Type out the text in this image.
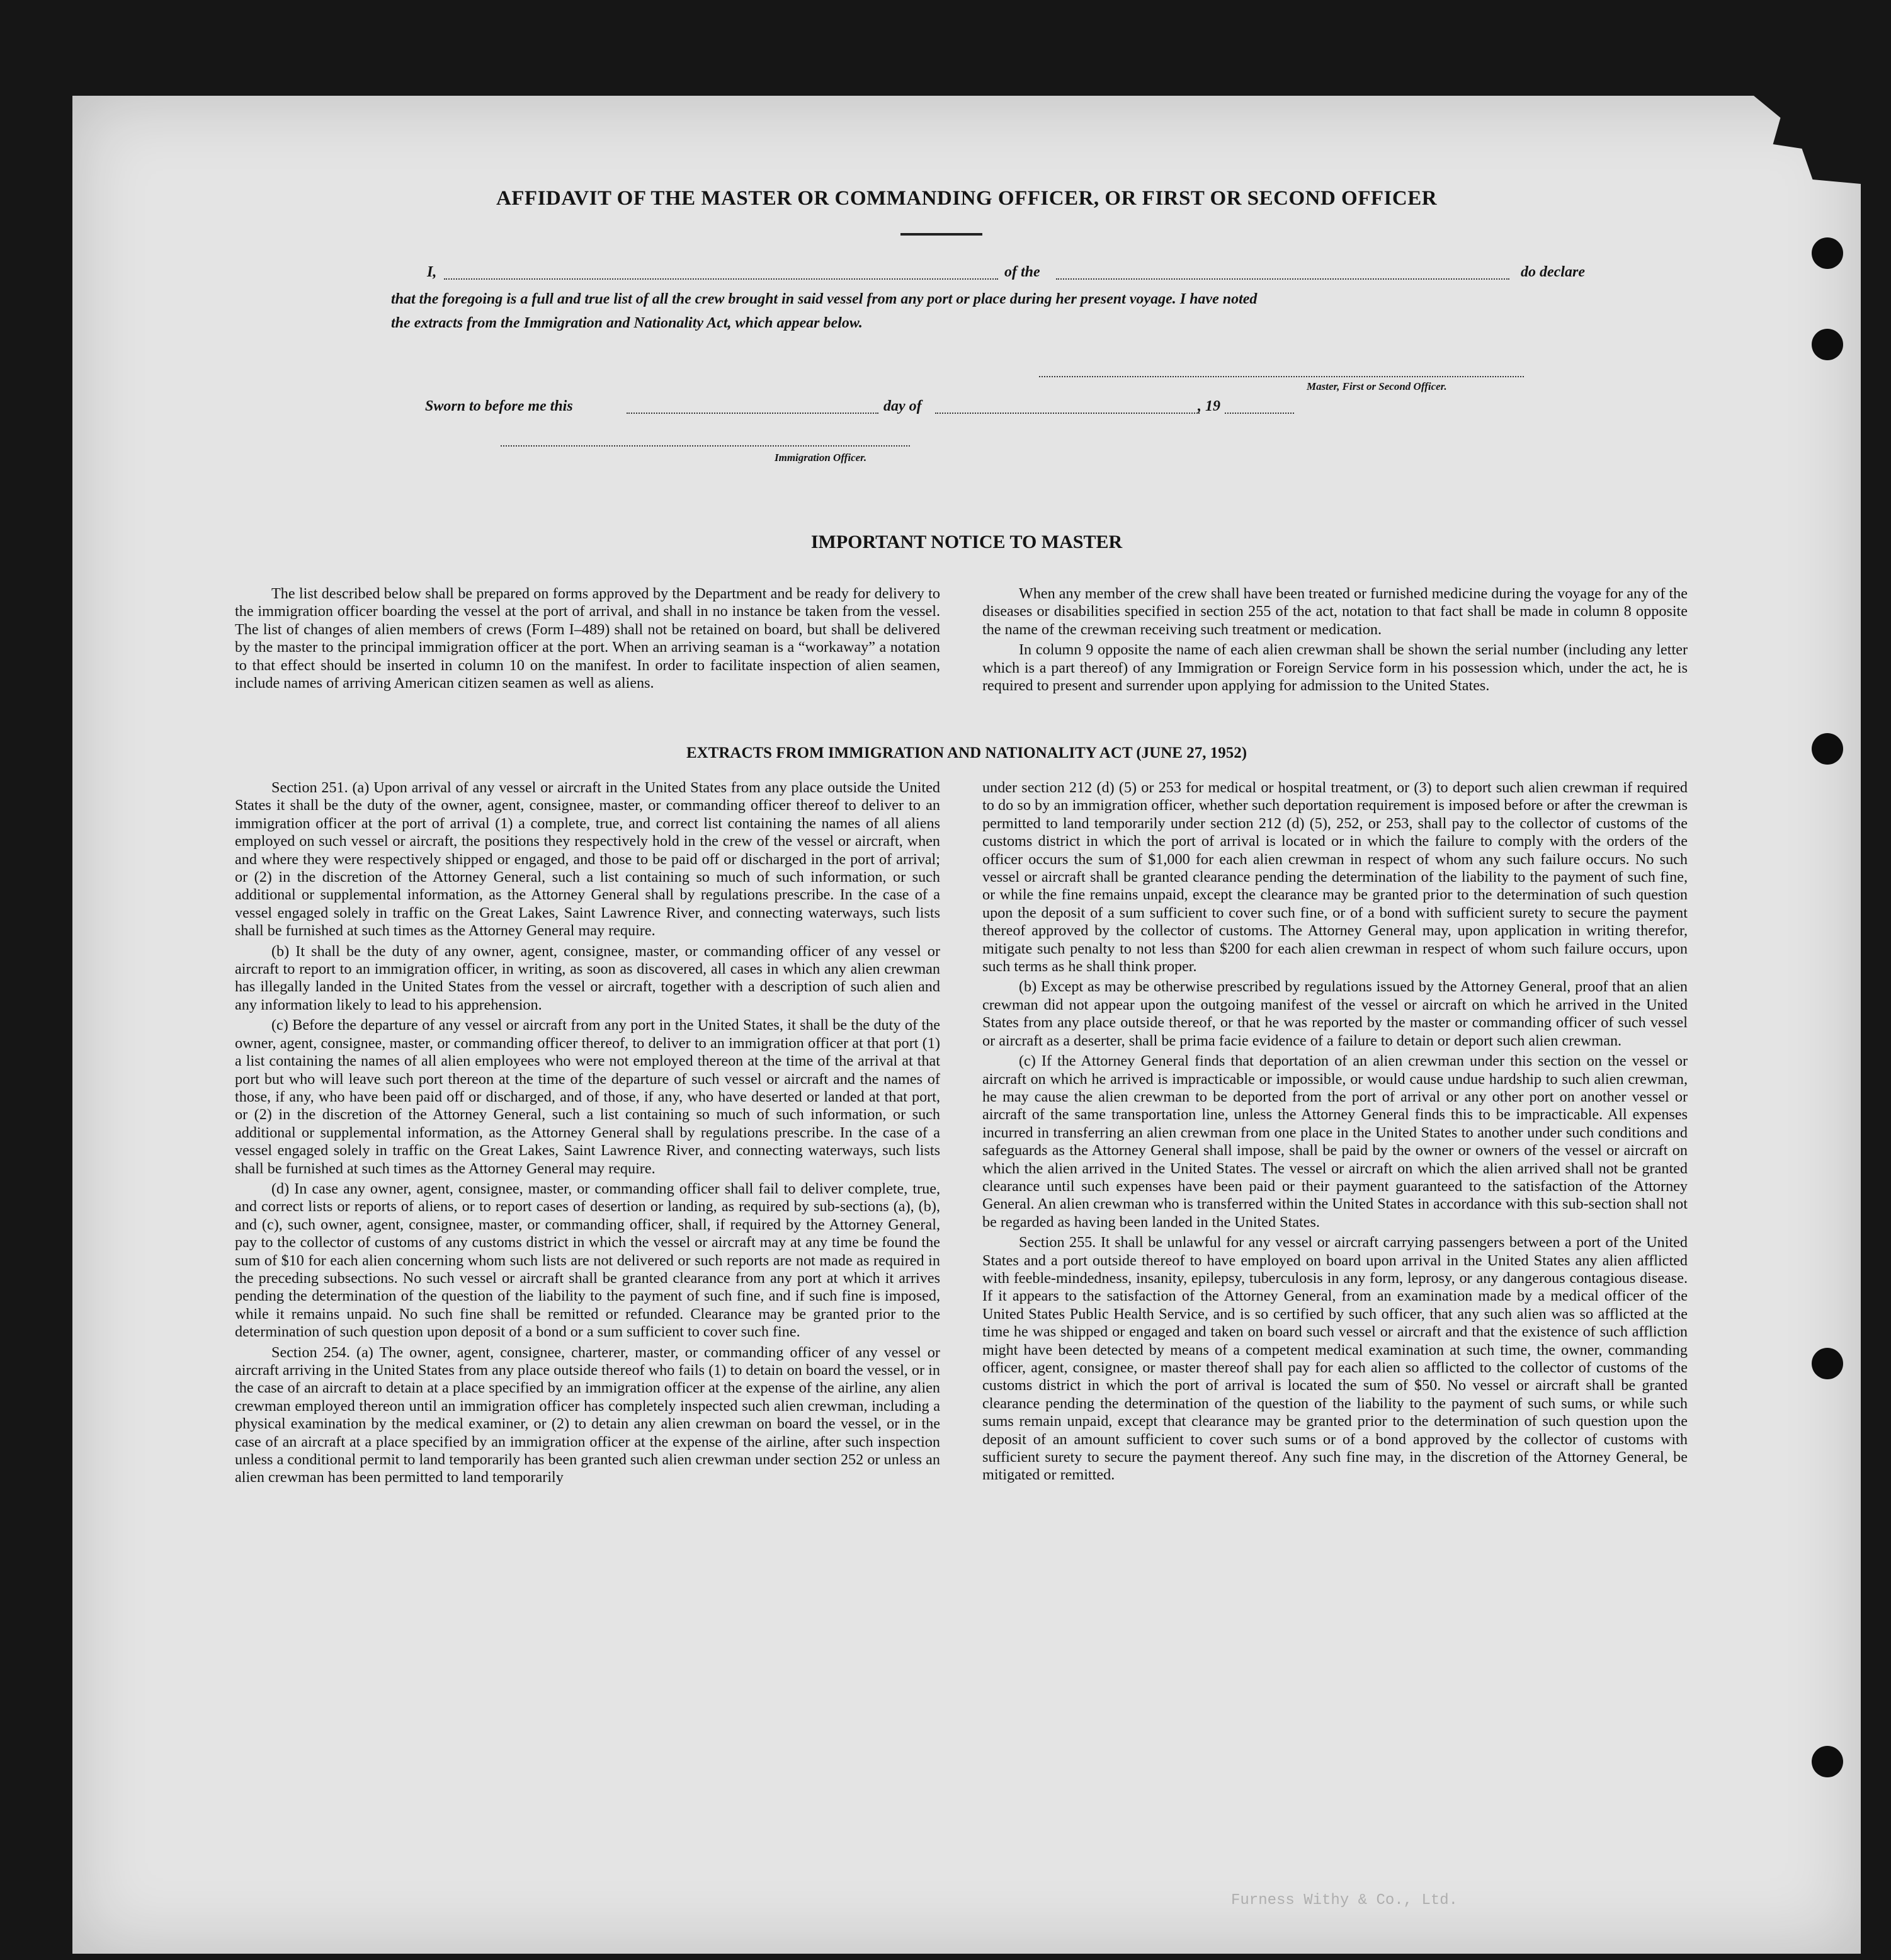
AFFIDAVIT OF THE MASTER OR COMMANDING OFFICER, OR FIRST OR SECOND OFFICER
I,	of the	do declare
that the foregoing is a full and true list of all the crew brought in said vessel from any port or place during her present voyage. I have noted
the extracts from the Immigration and Nationality Act, which appear below.
Master, First or Second Officer.
Sworn to before me this	day of	, 19
Immigration Officer.
IMPORTANT NOTICE TO MASTER

The list described below shall be prepared on forms approved by the Department and be ready for delivery to the immigration officer boarding the vessel at the port of arrival, and shall in no instance be taken from the vessel. The list of changes of alien members of crews (Form I–489) shall not be retained on board, but shall be delivered by the master to the principal immigration officer at the port. When an arriving seaman is a “workaway” a notation to that effect should be inserted in column 10 on the manifest. In order to facilitate inspection of alien seamen, include names of arriving American citizen seamen as well as aliens.

When any member of the crew shall have been treated or furnished medicine during the voyage for any of the diseases or disabilities specified in section 255 of the act, notation to that fact shall be made in column 8 opposite the name of the crewman receiving such treatment or medication.

In column 9 opposite the name of each alien crewman shall be shown the serial number (including any letter which is a part thereof) of any Immigration or Foreign Service form in his possession which, under the act, he is required to present and surrender upon applying for admission to the United States.

EXTRACTS FROM IMMIGRATION AND NATIONALITY ACT (JUNE 27, 1952)

Section 251. (a) Upon arrival of any vessel or aircraft in the United States from any place outside the United States it shall be the duty of the owner, agent, consignee, master, or commanding officer thereof to deliver to an immigration officer at the port of arrival (1) a complete, true, and correct list containing the names of all aliens employed on such vessel or aircraft, the positions they respectively hold in the crew of the vessel or aircraft, when and where they were respectively shipped or engaged, and those to be paid off or discharged in the port of arrival; or (2) in the discretion of the Attorney General, such a list containing so much of such information, or such additional or supplemental information, as the Attorney General shall by regulations prescribe. In the case of a vessel engaged solely in traffic on the Great Lakes, Saint Lawrence River, and connecting waterways, such lists shall be furnished at such times as the Attorney General may require.

(b) It shall be the duty of any owner, agent, consignee, master, or commanding officer of any vessel or aircraft to report to an immigration officer, in writing, as soon as discovered, all cases in which any alien crewman has illegally landed in the United States from the vessel or aircraft, together with a description of such alien and any information likely to lead to his apprehension.

(c) Before the departure of any vessel or aircraft from any port in the United States, it shall be the duty of the owner, agent, consignee, master, or commanding officer thereof, to deliver to an immigration officer at that port (1) a list containing the names of all alien employees who were not employed thereon at the time of the arrival at that port but who will leave such port thereon at the time of the departure of such vessel or aircraft and the names of those, if any, who have been paid off or discharged, and of those, if any, who have deserted or landed at that port, or (2) in the discretion of the Attorney General, such a list containing so much of such information, or such additional or supplemental information, as the Attorney General shall by regulations prescribe. In the case of a vessel engaged solely in traffic on the Great Lakes, Saint Lawrence River, and connecting waterways, such lists shall be furnished at such times as the Attorney General may require.

(d) In case any owner, agent, consignee, master, or commanding officer shall fail to deliver complete, true, and correct lists or reports of aliens, or to report cases of desertion or landing, as required by sub-sections (a), (b), and (c), such owner, agent, consignee, master, or commanding officer, shall, if required by the Attorney General, pay to the collector of customs of any customs district in which the vessel or aircraft may at any time be found the sum of $10 for each alien concerning whom such lists are not delivered or such reports are not made as required in the preceding subsections. No such vessel or aircraft shall be granted clearance from any port at which it arrives pending the determination of the question of the liability to the payment of such fine, and if such fine is imposed, while it remains unpaid. No such fine shall be remitted or refunded. Clearance may be granted prior to the determination of such question upon deposit of a bond or a sum sufficient to cover such fine.

Section 254. (a) The owner, agent, consignee, charterer, master, or commanding officer of any vessel or aircraft arriving in the United States from any place outside thereof who fails (1) to detain on board the vessel, or in the case of an aircraft to detain at a place specified by an immigration officer at the expense of the airline, any alien crewman employed thereon until an immigration officer has completely inspected such alien crewman, including a physical examination by the medical examiner, or (2) to detain any alien crewman on board the vessel, or in the case of an aircraft at a place specified by an immigration officer at the expense of the airline, after such inspection unless a conditional permit to land temporarily has been granted such alien crewman under section 252 or unless an alien crewman has been permitted to land temporarily

under section 212 (d) (5) or 253 for medical or hospital treatment, or (3) to deport such alien crewman if required to do so by an immigration officer, whether such deportation requirement is imposed before or after the crewman is permitted to land temporarily under section 212 (d) (5), 252, or 253, shall pay to the collector of customs of the customs district in which the port of arrival is located or in which the failure to comply with the orders of the officer occurs the sum of $1,000 for each alien crewman in respect of whom any such failure occurs. No such vessel or aircraft shall be granted clearance pending the determination of the liability to the payment of such fine, or while the fine remains unpaid, except the clearance may be granted prior to the determination of such question upon the deposit of a sum sufficient to cover such fine, or of a bond with sufficient surety to secure the payment thereof approved by the collector of customs. The Attorney General may, upon application in writing therefor, mitigate such penalty to not less than $200 for each alien crewman in respect of whom such failure occurs, upon such terms as he shall think proper.

(b) Except as may be otherwise prescribed by regulations issued by the Attorney General, proof that an alien crewman did not appear upon the outgoing manifest of the vessel or aircraft on which he arrived in the United States from any place outside thereof, or that he was reported by the master or commanding officer of such vessel or aircraft as a deserter, shall be prima facie evidence of a failure to detain or deport such alien crewman.

(c) If the Attorney General finds that deportation of an alien crewman under this section on the vessel or aircraft on which he arrived is impracticable or impossible, or would cause undue hardship to such alien crewman, he may cause the alien crewman to be deported from the port of arrival or any other port on another vessel or aircraft of the same transportation line, unless the Attorney General finds this to be impracticable. All expenses incurred in transferring an alien crewman from one place in the United States to another under such conditions and safeguards as the Attorney General shall impose, shall be paid by the owner or owners of the vessel or aircraft on which the alien arrived in the United States. The vessel or aircraft on which the alien arrived shall not be granted clearance until such expenses have been paid or their payment guaranteed to the satisfaction of the Attorney General. An alien crewman who is transferred within the United States in accordance with this sub-section shall not be regarded as having been landed in the United States.

Section 255. It shall be unlawful for any vessel or aircraft carrying passengers between a port of the United States and a port outside thereof to have employed on board upon arrival in the United States any alien afflicted with feeble-mindedness, insanity, epilepsy, tuberculosis in any form, leprosy, or any dangerous contagious disease. If it appears to the satisfaction of the Attorney General, from an examination made by a medical officer of the United States Public Health Service, and is so certified by such officer, that any such alien was so afflicted at the time he was shipped or engaged and taken on board such vessel or aircraft and that the existence of such affliction might have been detected by means of a competent medical examination at such time, the owner, commanding officer, agent, consignee, or master thereof shall pay for each alien so afflicted to the collector of customs of the customs district in which the port of arrival is located the sum of $50. No vessel or aircraft shall be granted clearance pending the determination of the question of the liability to the payment of such sums, or while such sums remain unpaid, except that clearance may be granted prior to the determination of such question upon the deposit of an amount sufficient to cover such sums or of a bond approved by the collector of customs with sufficient surety to secure the payment thereof. Any such fine may, in the discretion of the Attorney General, be mitigated or remitted.

Furness Withy & Co., Ltd.
